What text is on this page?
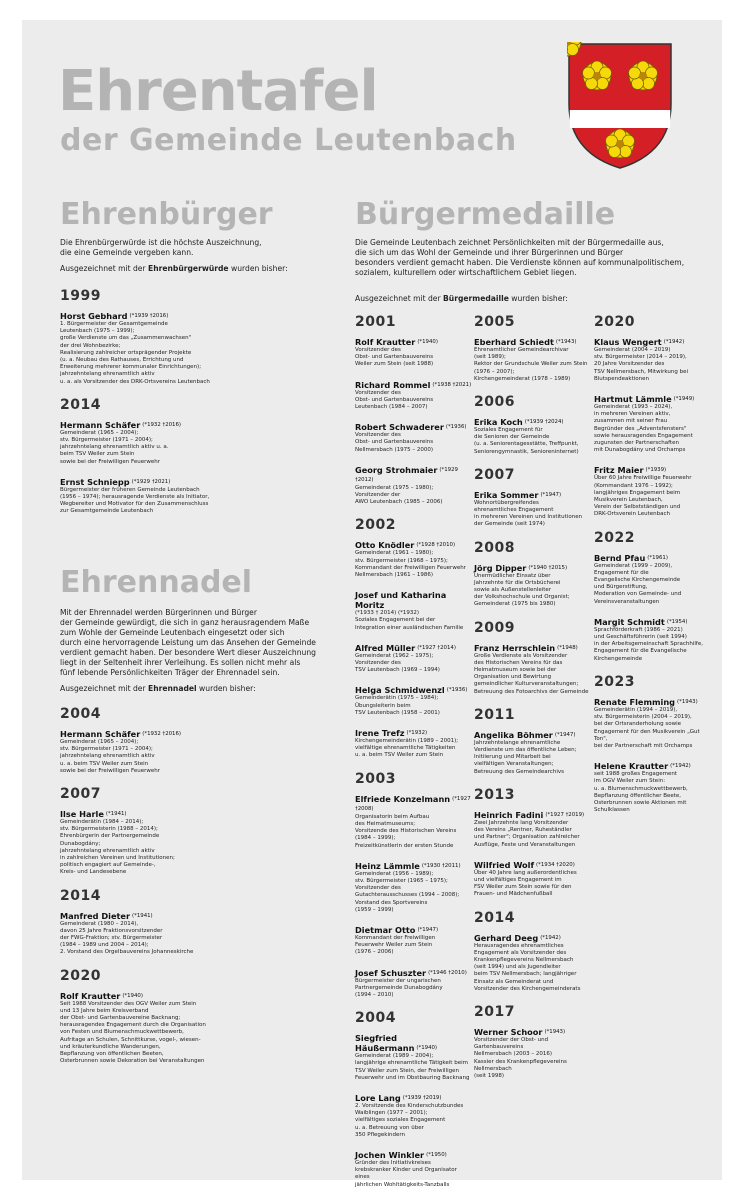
Ehrentafel
der Gemeinde Leutenbach
Ehrenbürger
Die Ehrenbürgerwürde ist die höchste Auszeichnung,
die eine Gemeinde vergeben kann.
Ausgezeichnet mit der Ehrenbürgerwürde wurden bisher:
1999
Horst Gebhard $^{(*1939 \dagger 2016)}$
1. Bürgermeister der Gesamtgemeinde
Leutenbach (1975 – 1999);
große Verdienste um das „Zusammenwachsen"
der drei Wohnbezirke;
Realisierung zahlreicher ortsprägender Projekte
(u. a. Neubau des Rathauses, Errichtung und
Erweiterung mehrerer kommunaler Einrichtungen);
jahrzehntelang ehrenamtlich aktiv
u. a. als Vorsitzender des DRK-Ortsvereins Leutenbach
2014
Hermann Schäfer $^{(*1932 \dagger 2016)}$
Gemeinderat (1965 – 2004);
stv. Bürgermeister (1971 – 2004);
jahrzehntelang ehrenamtlich aktiv u. a.
beim TSV Weiler zum Stein
sowie bei der Freiwilligen Feuerwehr
Ernst Schniepp $^{(*1929 \dagger 2021)}$
Bürgermeister der früheren Gemeinde Leutenbach
(1956 – 1974); herausragende Verdienste als Initiator,
Wegbereiter und Motivator für den Zusammenschluss
zur Gesamtgemeinde Leutenbach
Ehrennadel
Mit der Ehrennadel werden Bürgerinnen und Bürger
der Gemeinde gewürdigt, die sich in ganz herausragendem Maße
zum Wohle der Gemeinde Leutenbach eingesetzt oder sich
durch eine hervorragende Leistung um das Ansehen der Gemeinde
verdient gemacht haben. Der besondere Wert dieser Auszeichnung
liegt in der Seltenheit ihrer Verleihung. Es sollen nicht mehr als
fünf lebende Persönlichkeiten Träger der Ehrennadel sein.
Ausgezeichnet mit der Ehrennadel wurden bisher:
2004
Hermann Schäfer $^{(*1932 \dagger 2016)}$
Gemeinderat (1965 – 2004);
stv. Bürgermeister (1971 – 2004);
jahrzehntelang ehrenamtlich aktiv
u. a. beim TSV Weiler zum Stein
sowie bei der Freiwilligen Feuerwehr
2007
Ilse Harle $^{(*1941)}$
Gemeinderätin (1984 – 2014);
stv. Bürgermeisterin (1988 – 2014);
Ehrenbürgerin der Partnergemeinde
Dunabogdány;
jahrzehntelang ehrenamtlich aktiv
in zahlreichen Vereinen und Institutionen;
politisch engagiert auf Gemeinde-,
Kreis- und Landesebene
2014
Manfred Dieter $^{(*1941)}$
Gemeinderat (1980 – 2014),
davon 25 Jahre Fraktionsvorsitzender
der FWG-Fraktion; stv. Bürgermeister
(1984 – 1989 und 2004 – 2014);
2. Vorstand des Orgelbauvereins Johanneskirche
2020
Rolf Krautter $^{(*1940)}$
Seit 1988 Vorsitzender des OGV Weiler zum Stein
und 13 Jahre beim Kreisverband
der Obst- und Gartenbauvereine Backnang;
herausragendes Engagement durch die Organisation
von Festen und Blumenschmuckwettbewerb,
Aufritage an Schulen, Schnittkurse, vogel-, wiesen-
und kräuterkundliche Wanderungen,
Bepflanzung von öffentlichen Beeten,
Osterbrunnen sowie Dekoration bei Veranstaltungen
Bürgermedaille
Die Gemeinde Leutenbach zeichnet Persönlichkeiten mit der Bürgermedaille aus,
die sich um das Wohl der Gemeinde und ihrer Bürgerinnen und Bürger
besonders verdient gemacht haben. Die Verdienste können auf kommunalpolitischem,
sozialem, kulturellem oder wirtschaftlichem Gebiet liegen.
Ausgezeichnet mit der Bürgermedaille wurden bisher:
2001
Rolf Krautter $^{(*1940)}$
Vorsitzender des
Obst- und Gartenbauvereins
Weiler zum Stein (seit 1988)
Richard Rommel $^{(*1938 \dagger 2021)}$
Vorsitzender des
Obst- und Gartenbauvereins
Leutenbach (1984 – 2007)
Robert Schwaderer $^{(*1936)}$
Vorsitzender des
Obst- und Gartenbauvereins
Nellmersbach (1975 – 2000)
Georg Strohmaier $^{(*1929 \dagger 2012)}$
Gemeinderat (1975 – 1980);
Vorsitzender der
AWO Leutenbach (1985 – 2006)
2002
Otto Knödler $^{(*1928 \dagger 2010)}$
Gemeinderat (1961 – 1980);
stv. Bürgermeister (1968 – 1975);
Kommandant der Freiwilligen Feuerwehr
Nellmersbach (1961 – 1986)
Josef und Katharina Moritz
(*1933 † 2014) (*1932)
Soziales Engagement bei der
Integration einer ausländischen Familie
Alfred Müller $^{(*1927 \dagger 2014)}$
Gemeinderat (1962 – 1975);
Vorsitzender des
TSV Leutenbach (1969 – 1994)
Helga Schmidwenzl $^{(*1936)}$
Gemeinderätin (1975 – 1984);
Übungsleiterin beim
TSV Leutenbach (1958 – 2001)
Irene Trefz $^{(*1932)}$
Kirchengemeinderätin (1989 – 2001);
vielfältige ehrenamtliche Tätigkeiten
u. a. beim TSV Weiler zum Stein
2003
Elfriede Konzelmann $^{(*1927 \dagger 2008)}$
Organisatorin beim Aufbau
des Heimatmuseums;
Vorsitzende des Historischen Vereins
(1984 – 1999);
Freizeitkünstlerin der ersten Stunde
Heinz Lämmle $^{(*1930 \dagger 2011)}$
Gemeinderat (1956 – 1989);
stv. Bürgermeister (1965 – 1975);
Vorsitzender des
Gutachterausschusses (1994 – 2008);
Vorstand des Sportvereins
(1959 – 1999)
Dietmar Otto $^{(*1947)}$
Kommandant der Freiwilligen
Feuerwehr Weiler zum Stein
(1976 – 2006)
Josef Schuszter $^{(*1946 \dagger 2010)}$
Bürgermeister der ungarischen
Partnergemeinde Dunabogdány
(1994 – 2010)
2004
Siegfried Häußermann $^{(*1940)}$
Gemeinderat (1989 – 2004);
langjährige ehrenamtliche Tätigkeit beim
TSV Weiler zum Stein, der Freiwilligen
Feuerwehr und im Obstbauring Backnang
Lore Lang $^{(*1939 \dagger 2019)}$
2. Vorsitzende des Kinderschutzbundes
Waiblingen (1977 – 2001);
vielfältiges soziales Engagement
u. a. Betreuung von über
350 Pflegekindern
Jochen Winkler $^{(*1950)}$
Gründer des Initiativkreises
krebskranker Kinder und Organisator eines
jährlichen Wohltätigkeits-Tanzballs
2005
Eberhard Schiedt $^{(*1943)}$
Ehrenamtlicher Gemeindearchivar
(seit 1989);
Rektor der Grundschule Weiler zum Stein
(1976 – 2007);
Kirchengemeinderat (1978 – 1989)
2006
Erika Koch $^{(*1939 \dagger 2024)}$
Soziales Engagement für
die Senioren der Gemeinde
(u. a. Seniorentagesstätte, Treffpunkt,
Seniorengymnastik, Senioreninternet)
2007
Erika Sommer $^{(*1947)}$
Wohnortübergreifendes
ehrenamtliches Engagement
in mehreren Vereinen und Institutionen
der Gemeinde (seit 1974)
2008
Jörg Dipper $^{(*1940 \dagger 2015)}$
Unermüdlicher Einsatz über
Jahrzehnte für die Ortsbücherei
sowie als Außenstellenleiter
der Volkshochschule und Organist;
Gemeinderat (1975 bis 1980)
2009
Franz Herrschlein $^{(*1948)}$
Große Verdienste als Vorsitzender
des Historischen Vereins für das
Heimatmuseum sowie bei der
Organisation und Bewirtung
gemeindlicher Kulturveranstaltungen;
Betreuung des Fotoarchivs der Gemeinde
2011
Angelika Böhmer $^{(*1947)}$
Jahrzehntelange ehrenamtliche
Verdienste um das öffentliche Leben;
Initiierung und Mitarbeit bei
vielfältigen Veranstaltungen;
Betreuung des Gemeindearchivs
2013
Heinrich Fadini $^{(*1927 \dagger 2019)}$
Zwei Jahrzehnte lang Vorsitzender
des Vereins „Rentner, Ruheständler
und Partner"; Organisation zahlreicher
Ausflüge, Feste und Veranstaltungen
Wilfried Wolf $^{(*1934 \dagger 2020)}$
Über 40 Jahre lang außerordentliches
und vielfältiges Engagement im
FSV Weiler zum Stein sowie für den
Frauen- und Mädchenfußball
2014
Gerhard Deeg $^{(*1942)}$
Herausragendes ehrenamtliches
Engagement als Vorsitzender des
Krankenpflegevereins Nellmersbach
(seit 1994) und als Jugendleiter
beim TSV Nellmersbach; langjähriger
Einsatz als Gemeinderat und
Vorsitzender des Kirchengemeinderats
2017
Werner Schoor $^{(*1943)}$
Vorsitzender der Obst- und Gartenbauvereins
Nellmersbach (2003 – 2016)
Kassier des Krankenpflegevereins Nellmersbach
(seit 1998)
2020
Klaus Wengert $^{(*1942)}$
Gemeinderat (2004 – 2019)
stv. Bürgermeister (2014 – 2019),
20 Jahre Vorsitzender des
TSV Nellmersbach, Mitwirkung bei
Blutspendeaktionen
Hartmut Lämmle $^{(*1949)}$
Gemeinderat (1993 – 2024),
in mehreren Vereinen aktiv,
zusammen mit seiner Frau
Begründer des „Adventsfensters"
sowie herausragendes Engagement
zugunsten der Partnerschaften
mit Dunabogdány und Orchamps
Fritz Maier $^{(*1939)}$
Über 60 Jahre Freiwillige Feuerwehr
(Kommandant 1976 – 1992);
langjähriges Engagement beim
Musikverein Leutenbach,
Verein der Selbstständigen und
DRK-Ortsverein Leutenbach
2022
Bernd Pfau $^{(*1961)}$
Gemeinderat (1999 – 2009),
Engagement für die
Evangelische Kirchengemeinde
und Bürgerstiftung,
Moderation von Gemeinde- und
Vereinsveranstaltungen
Margit Schmidt $^{(*1954)}$
Sprachförderkraft (1986 – 2021)
und Geschäftsführerin (seit 1994)
in der Arbeitsgemeinschaft Sprachhilfe,
Engagement für die Evangelische
Kirchengemeinde
2023
Renate Flemming $^{(*1943)}$
Gemeinderätin (1994 – 2019),
stv. Bürgermeisterin (2004 – 2019),
bei der Ortsranderholung sowie
Engagement für den Musikverein „Gut Ton",
bei der Partnerschaft mit Orchamps
Helene Krautter $^{(*1942)}$
seit 1988 großes Engagement
im OGV Weiler zum Stein:
u. a. Blumenschmuckwettbewerb,
Bepflanzung öffentlicher Beete,
Osterbrunnen sowie Aktionen mit
Schulklassen
